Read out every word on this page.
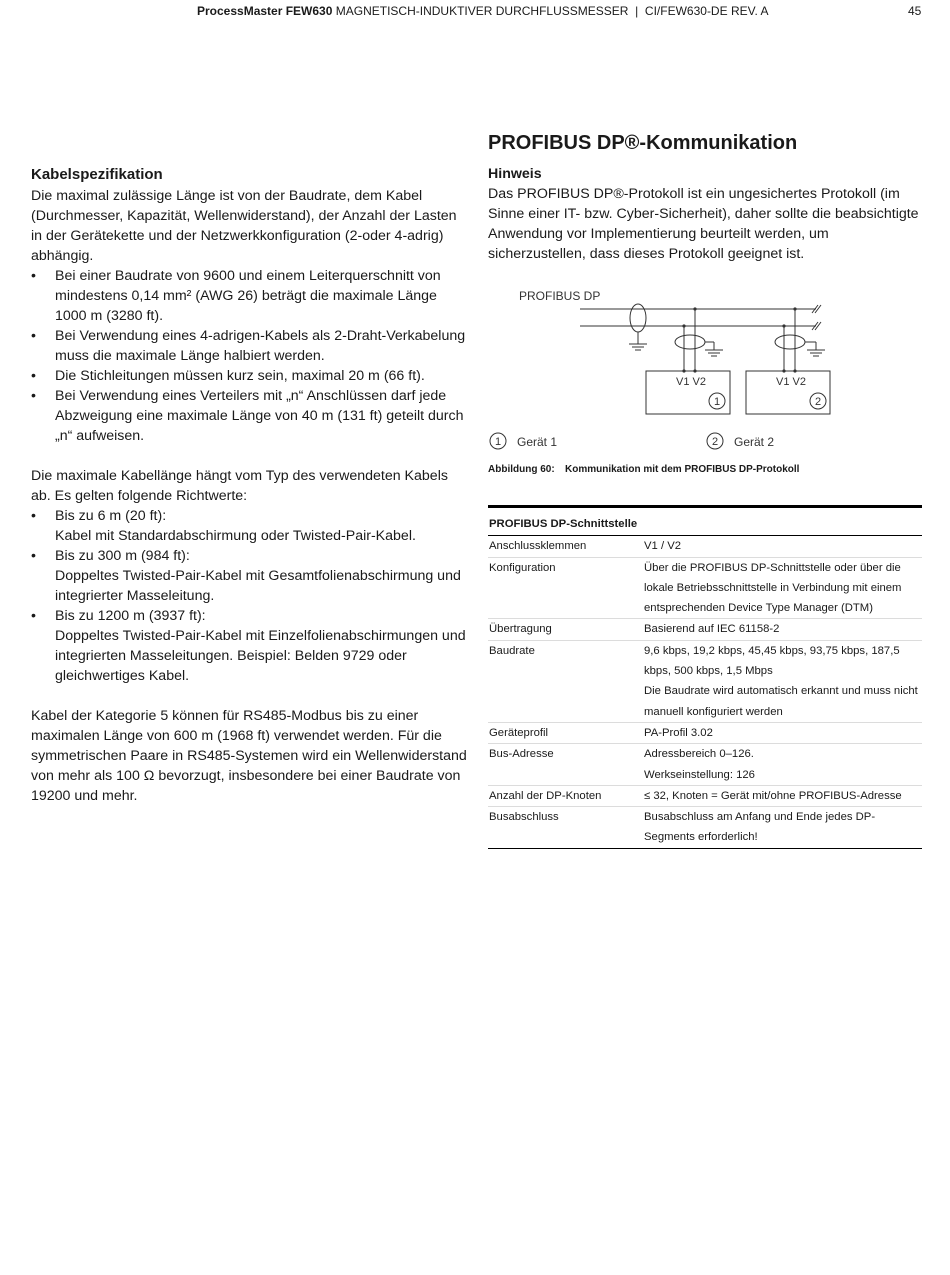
ProcessMaster FEW630 MAGNETISCH-INDUKTIVER DURCHFLUSSMESSER | CI/FEW630-DE REV. A	45
Kabelspezifikation

Die maximal zulässige Länge ist von der Baudrate, dem Kabel (Durchmesser, Kapazität, Wellenwiderstand), der Anzahl der Lasten in der Gerätekette und der Netzwerkkonfiguration (2-oder 4-adrig) abhängig.

• Bei einer Baudrate von 9600 und einem Leiterquerschnitt von mindestens 0,14 mm² (AWG 26) beträgt die maximale Länge 1000 m (3280 ft).
• Bei Verwendung eines 4-adrigen-Kabels als 2-Draht-Verkabelung muss die maximale Länge halbiert werden.
• Die Stichleitungen müssen kurz sein, maximal 20 m (66 ft).
• Bei Verwendung eines Verteilers mit „n“ Anschlüssen darf jede Abzweigung eine maximale Länge von 40 m (131 ft) geteilt durch „n“ aufweisen.

Die maximale Kabellänge hängt vom Typ des verwendeten Kabels ab. Es gelten folgende Richtwerte:

• Bis zu 6 m (20 ft):
Kabel mit Standardabschirmung oder Twisted-Pair-Kabel.
• Bis zu 300 m (984 ft):
Doppeltes Twisted-Pair-Kabel mit Gesamtfolienabschirmung und integrierter Masseleitung.
• Bis zu 1200 m (3937 ft):
Doppeltes Twisted-Pair-Kabel mit Einzelfolienabschirmungen und integrierten Masseleitungen. Beispiel: Belden 9729 oder gleichwertiges Kabel.

Kabel der Kategorie 5 können für RS485-Modbus bis zu einer maximalen Länge von 600 m (1968 ft) verwendet werden. Für die symmetrischen Paare in RS485-Systemen wird ein Wellenwiderstand von mehr als 100 Ω bevorzugt, insbesondere bei einer Baudrate von 19200 und mehr.

PROFIBUS DP®-Kommunikation
Hinweis

Das PROFIBUS DP®-Protokoll ist ein ungesichertes Protokoll (im Sinne einer IT- bzw. Cyber-Sicherheit), daher sollte die beabsichtigte Anwendung vor Implementierung beurteilt werden, um sicherzustellen, dass dieses Protokoll geeignet ist.

PROFIBUS DP
V1 V2	V1 V2
1	2
1 Gerät 1	2 Gerät 2
Abbildung 60: Kommunikation mit dem PROFIBUS DP-Protokoll
PROFIBUS DP-Schnittstelle	
Anschlussklemmen	V1 / V2

Konfiguration	Über die PROFIBUS DP-Schnittstelle oder über die lokale Betriebsschnittstelle in Verbindung mit einem entsprechenden Device Type Manager (DTM)

Übertragung	Basierend auf IEC 61158-2

Baudrate	9,6 kbps, 19,2 kbps, 45,45 kbps, 93,75 kbps, 187,5 kbps, 500 kbps, 1,5 Mbps
Die Baudrate wird automatisch erkannt und muss nicht manuell konfiguriert werden

Geräteprofil	PA-Profil 3.02

Bus-Adresse	Adressbereich 0–126.
Werkseinstellung: 126

Anzahl der DP-Knoten	≤ 32, Knoten = Gerät mit/ohne PROFIBUS-Adresse

Busabschluss	Busabschluss am Anfang und Ende jedes DP-Segments erforderlich!
